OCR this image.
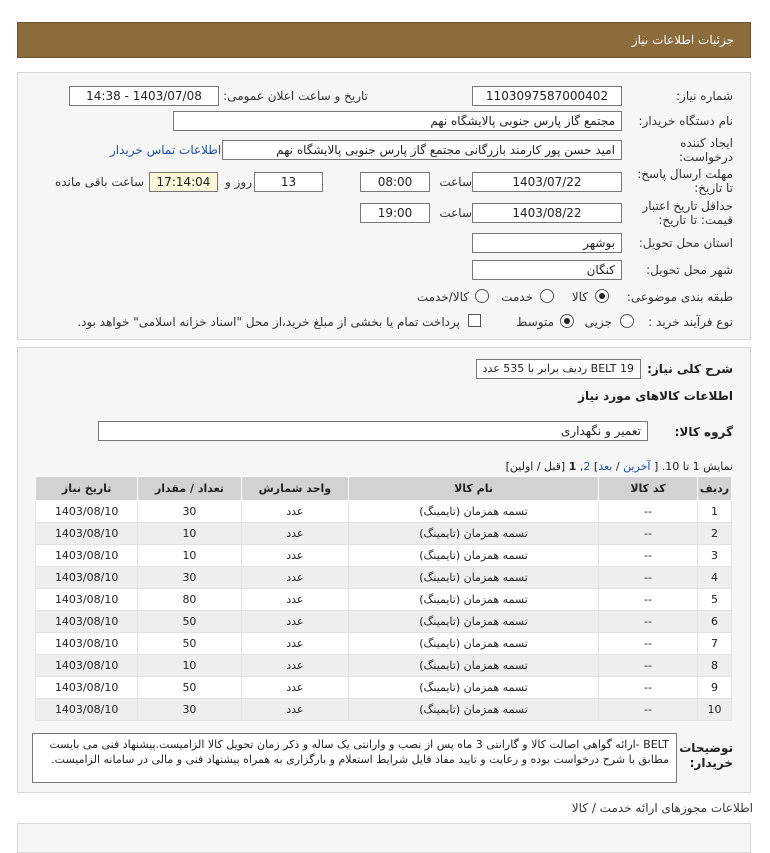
جزئیات اطلاعات نیاز
شماره نیاز:
1103097587000402
تاریخ و ساعت اعلان عمومی:
1403/07/08 - 14:38
نام دستگاه خریدار:
مجتمع گاز پارس جنوبی پالایشگاه نهم
ایجاد کننده
درخواست:
امید حسن پور کارمند بازرگانی مجتمع گاز پارس جنوبی پالایشگاه نهم
اطلاعات تماس خریدار
مهلت ارسال پاسخ:
تا تاریخ:
1403/07/22
ساعت
08:00
13
روز و
17:14:04
ساعت باقی مانده
حداقل تاریخ اعتبار
قیمت: تا تاریخ:
1403/08/22
ساعت
19:00
استان محل تحویل:
بوشهر
شهر محل تحویل:
کنگان
طبقه بندی موضوعی:
کالا
خدمت
کالا/خدمت
نوع فرآیند خرید :
جزیی
متوسط
پرداخت تمام یا بخشی از مبلغ خرید،از محل "اسناد خزانه اسلامی" خواهد بود.
شرح کلی نیاز:
BELT 19 ردیف برابر با 535 عدد
اطلاعات کالاهای مورد نیاز
گروه کالا:
تعمیر و نگهداری
نمایش 1 تا 10. [ آخرین / بعد] 2, 1 [قبل / اولین]
ردیف	کد کالا	نام کالا	واحد شمارش	تعداد / مقدار	تاریخ نیاز
1	--	تسمه همزمان (تایمینگ)	عدد	30	1403/08/10
2	--	تسمه همزمان (تایمینگ)	عدد	10	1403/08/10
3	--	تسمه همزمان (تایمینگ)	عدد	10	1403/08/10
4	--	تسمه همزمان (تایمینگ)	عدد	30	1403/08/10
5	--	تسمه همزمان (تایمینگ)	عدد	80	1403/08/10
6	--	تسمه همزمان (تایمینگ)	عدد	50	1403/08/10
7	--	تسمه همزمان (تایمینگ)	عدد	50	1403/08/10
8	--	تسمه همزمان (تایمینگ)	عدد	10	1403/08/10
9	--	تسمه همزمان (تایمینگ)	عدد	50	1403/08/10
10	--	تسمه همزمان (تایمینگ)	عدد	30	1403/08/10
توضیحات
خریدار:
BELT -ارائه گواهی اصالت کالا و گارانتی 3 ماه پس از نصب و وارانتی یک ساله و ذکر زمان تحویل کالا الزامیست.پیشنهاد فنی می بایست مطابق با شرح درخواست بوده و رعایت و تایید مفاد فایل شرایط استعلام و بارگزاری به همراه پیشنهاد فنی و مالی در سامانه الزامیست.
اطلاعات مجوزهای ارائه خدمت / کالا
